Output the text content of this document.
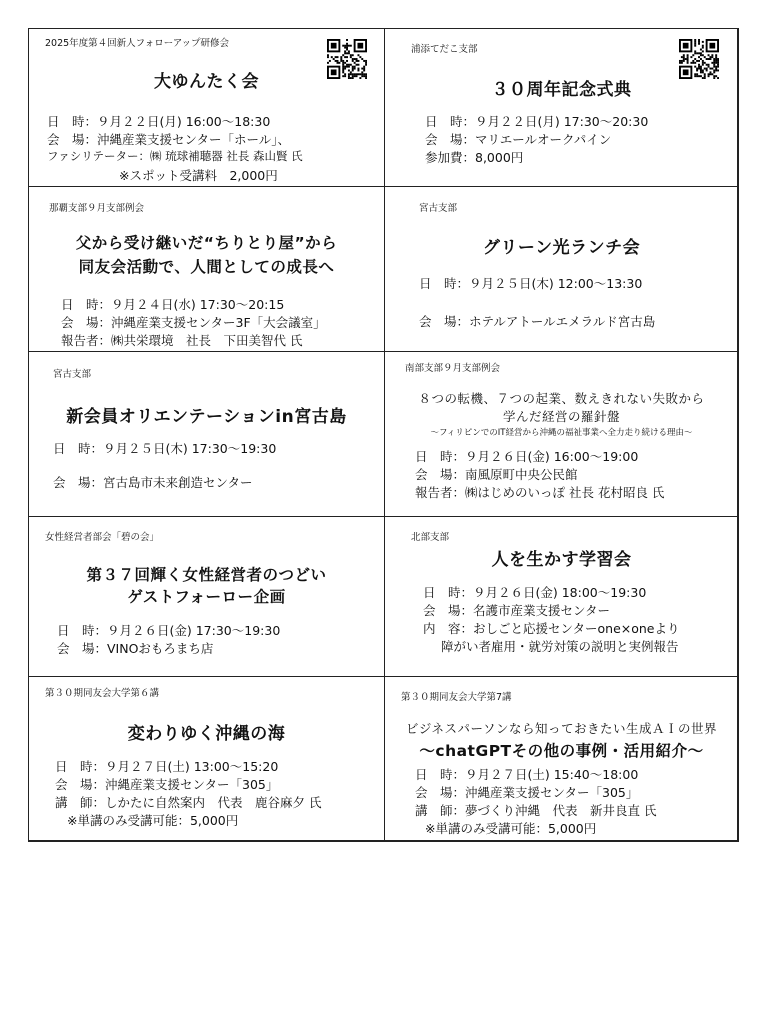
2025年度第４回新人フォローアップ研修会
大ゆんたく会
日　時：９月２２日(月) 16:00～18:30
会　場：沖縄産業支援センター「ホール」、
ファシリテーター：㈱ 琉球補聴器 社長 森山賢 氏
※スポット受講料　2,000円
浦添てだこ支部
３０周年記念式典
日　時：９月２２日(月) 17:30～20:30
会　場：マリエールオークパイン
参加費：8,000円
那覇支部９月支部例会
父から受け継いだ“ちりとり屋”から
同友会活動で、人間としての成長へ
日　時：９月２４日(水) 17:30～20:15
会　場：沖縄産業支援センター3F「大会議室」
報告者：㈱共栄環境　社長　下田美智代 氏
宮古支部
グリーン光ランチ会
日　時：９月２５日(木) 12:00～13:30
会　場：ホテルアトールエメラルド宮古島
宮古支部
新会員オリエンテーションin宮古島
日　時：９月２５日(木) 17:30～19:30
会　場：宮古島市未来創造センター
南部支部９月支部例会
８つの転機、７つの起業、数えきれない失敗から
学んだ経営の羅針盤
～フィリピンでのIT経営から沖縄の福祉事業へ全力走り続ける理由～
日　時：９月２６日(金) 16:00～19:00
会　場：南風原町中央公民館
報告者：㈱はじめのいっぽ 社長 花村昭良 氏
女性経営者部会「碧の会」
第３７回輝く女性経営者のつどい
ゲストフォーロー企画
日　時：９月２６日(金) 17:30～19:30
会　場：VINOおもろまち店
北部支部
人を生かす学習会
日　時：９月２６日(金) 18:00～19:30
会　場：名護市産業支援センター
内　容：おしごと応援センターone×oneより
障がい者雇用・就労対策の説明と実例報告
第３０期同友会大学第６講
変わりゆく沖縄の海
日　時：９月２７日(土) 13:00～15:20
会　場：沖縄産業支援センター「305」
講　師：しかたに自然案内　代表　鹿谷麻夕 氏
※単講のみ受講可能：5,000円
第３０期同友会大学第7講
ビジネスパーソンなら知っておきたい生成ＡＩの世界
～chatGPTその他の事例・活用紹介～
日　時：９月２７日(土) 15:40～18:00
会　場：沖縄産業支援センター「305」
講　師：夢づくり沖縄　代表　新井良直 氏
※単講のみ受講可能：5,000円
